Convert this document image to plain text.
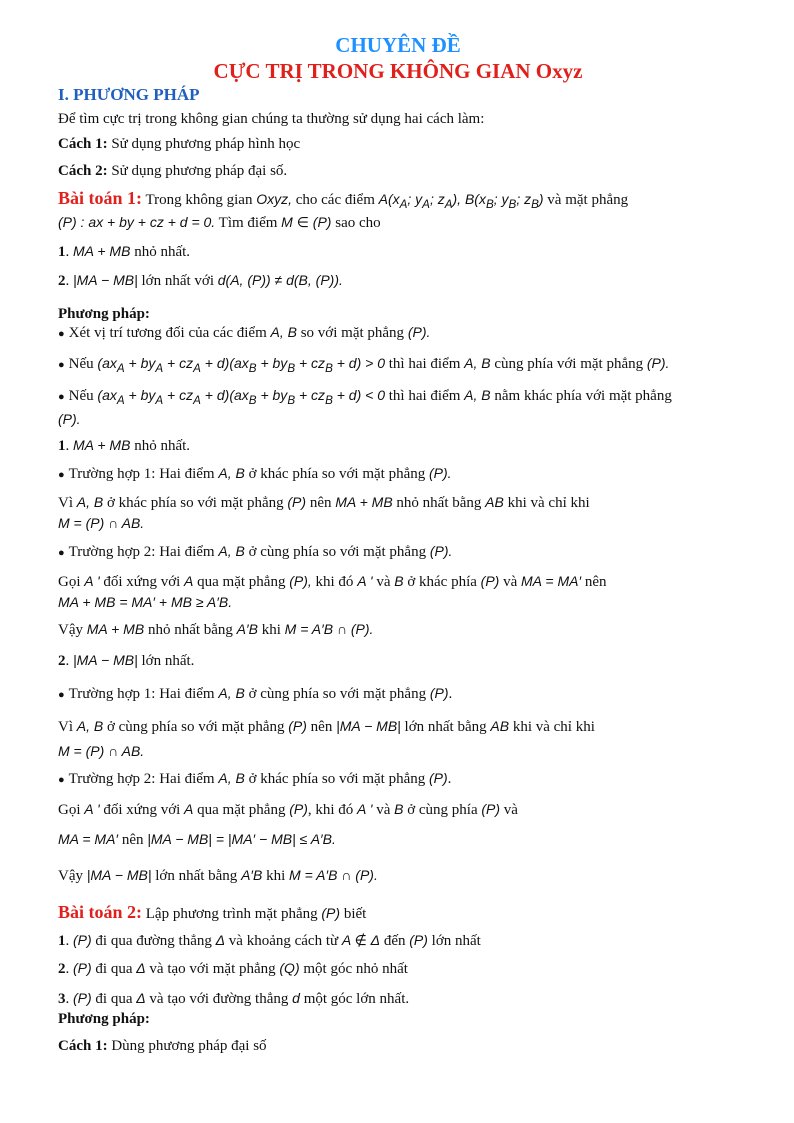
CHUYÊN ĐỀ
CỰC TRỊ TRONG KHÔNG GIAN Oxyz
I. PHƯƠNG PHÁP
Để tìm cực trị trong không gian chúng ta thường sử dụng hai cách làm:
Cách 1: Sử dụng phương pháp hình học
Cách 2: Sử dụng phương pháp đại số.
Bài toán 1: Trong không gian Oxyz, cho các điểm $A(x_A$; $y_A$; $z_A$), $B(x_B$; $y_B$; $z_B$) và mặt phẳng
(P) : ax + by + cz + d = 0. Tìm điểm M ∈ (P) sao cho
1. MA + MB nhỏ nhất.
2. |MA − MB| lớn nhất với d(A, (P)) ≠ d(B, (P)).
Phương pháp:
● Xét vị trí tương đối của các điểm A, B so với mặt phẳng (P).
● Nếu $(ax_A + by_A + cz_A + d)(ax_B + by_B + cz_B + d) > 0$ thì hai điểm A, B cùng phía với mặt phẳng (P).
● Nếu $(ax_A + by_A + cz_A + d)(ax_B + by_B + cz_B + d) < 0$ thì hai điểm A, B nằm khác phía với mặt phẳng
(P).
1. MA + MB nhỏ nhất.
● Trường hợp 1: Hai điểm A, B ở khác phía so với mặt phẳng (P).
Vì A, B ở khác phía so với mặt phẳng (P) nên MA + MB nhỏ nhất bằng AB khi và chỉ khi
M = (P) ∩ AB.
● Trường hợp 2: Hai điểm A, B ở cùng phía so với mặt phẳng (P).
Gọi A ' đối xứng với A qua mặt phẳng (P), khi đó A ' và B ở khác phía (P) và MA = MA′ nên
MA + MB = MA′ + MB ≥ A′B.
Vậy MA + MB nhỏ nhất bằng A′B khi M = A′B ∩ (P).
2. |MA − MB| lớn nhất.
● Trường hợp 1: Hai điểm A, B ở cùng phía so với mặt phẳng (P).
Vì A, B ở cùng phía so với mặt phẳng (P) nên |MA − MB| lớn nhất bằng AB khi và chỉ khi
M = (P) ∩ AB.
● Trường hợp 2: Hai điểm A, B ở khác phía so với mặt phẳng (P).
Gọi A ' đối xứng với A qua mặt phẳng (P), khi đó A ' và B ở cùng phía (P) và
MA = MA′ nên |MA − MB| = |MA′ − MB| ≤ A′B.
Vậy |MA − MB| lớn nhất bằng A′B khi M = A′B ∩ (P).
Bài toán 2: Lập phương trình mặt phẳng (P) biết
1. (P) đi qua đường thẳng Δ và khoảng cách từ A ∉ Δ đến (P) lớn nhất
2. (P) đi qua Δ và tạo với mặt phẳng (Q) một góc nhỏ nhất
3. (P) đi qua Δ và tạo với đường thẳng d một góc lớn nhất.
Phương pháp:
Cách 1: Dùng phương pháp đại số
